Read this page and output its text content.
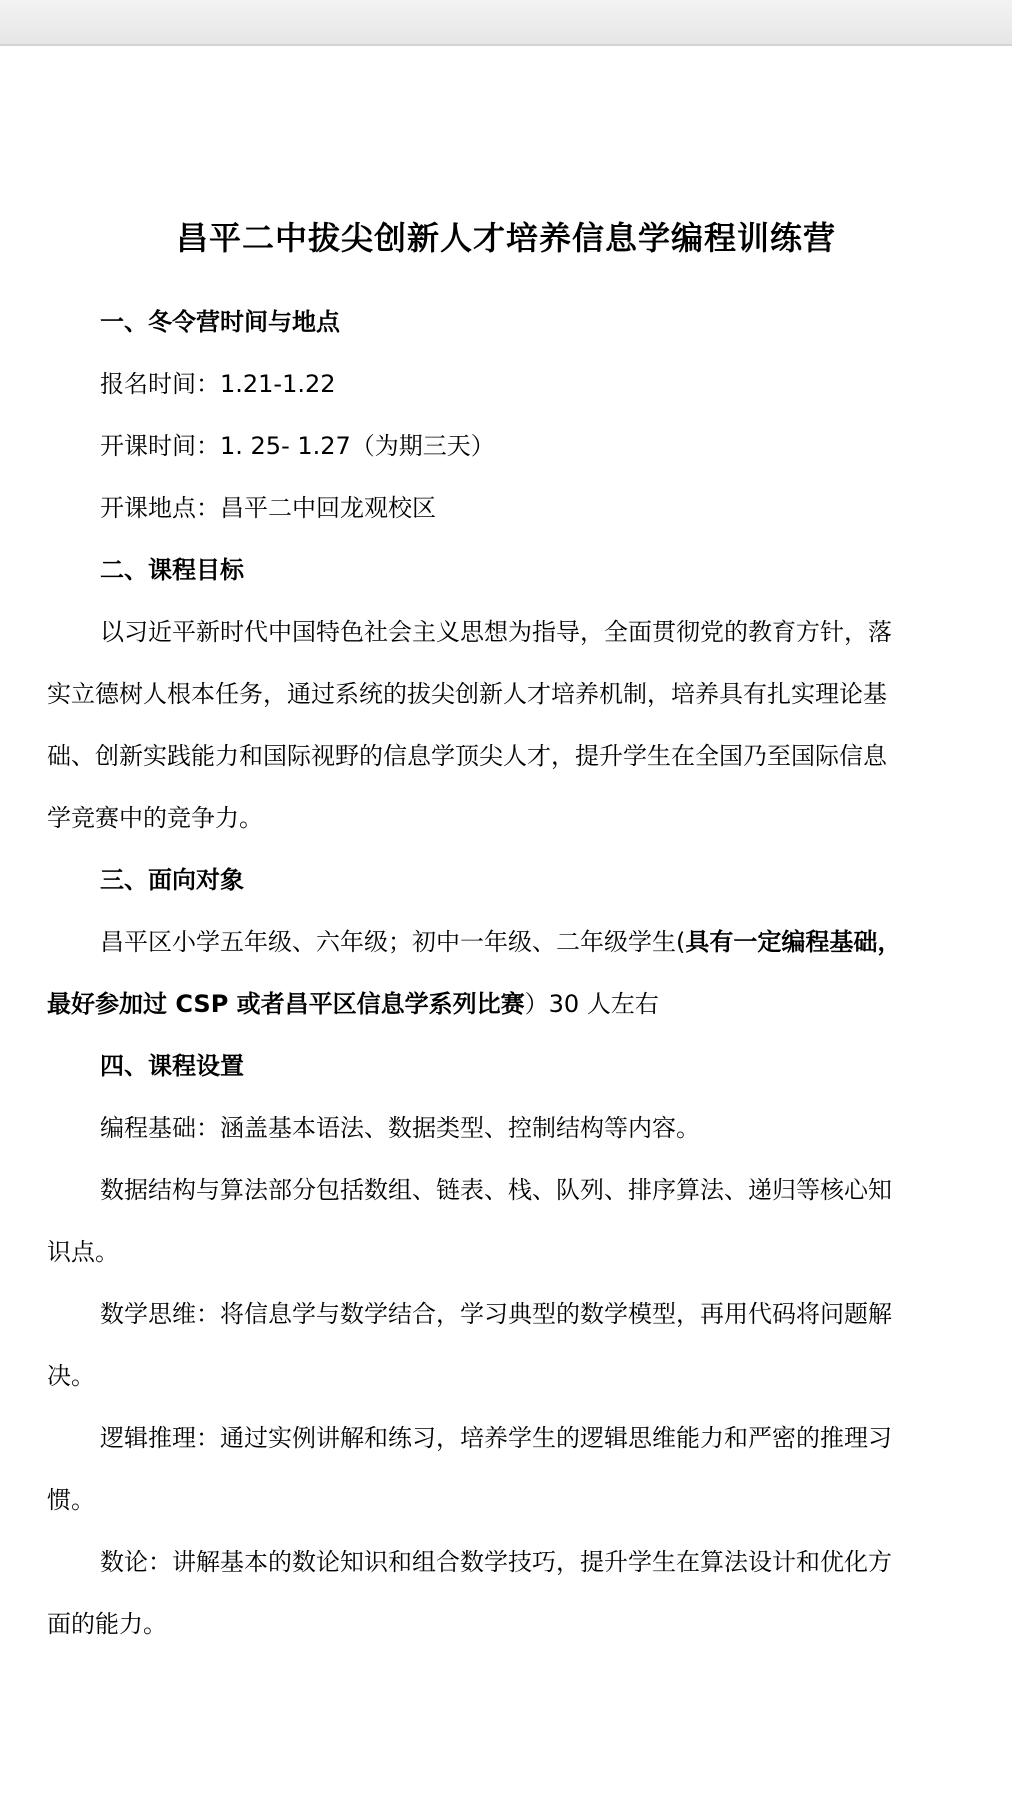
昌平二中拔尖创新人才培养信息学编程训练营
一、冬令营时间与地点
报名时间：1.21-1.22
开课时间：1. 25- 1.27（为期三天）
开课地点：昌平二中回龙观校区
二、课程目标
以习近平新时代中国特色社会主义思想为指导，全面贯彻党的教育方针，落
实立德树人根本任务，通过系统的拔尖创新人才培养机制，培养具有扎实理论基
础、创新实践能力和国际视野的信息学顶尖人才，提升学生在全国乃至国际信息
学竞赛中的竞争力。
三、面向对象
昌平区小学五年级、六年级；初中一年级、二年级学生(具有一定编程基础，
最好参加过 CSP 或者昌平区信息学系列比赛）30 人左右
四、课程设置
编程基础：涵盖基本语法、数据类型、控制结构等内容。
数据结构与算法部分包括数组、链表、栈、队列、排序算法、递归等核心知
识点。
数学思维：将信息学与数学结合，学习典型的数学模型，再用代码将问题解
决。
逻辑推理：通过实例讲解和练习，培养学生的逻辑思维能力和严密的推理习
惯。
数论：讲解基本的数论知识和组合数学技巧，提升学生在算法设计和优化方
面的能力。
